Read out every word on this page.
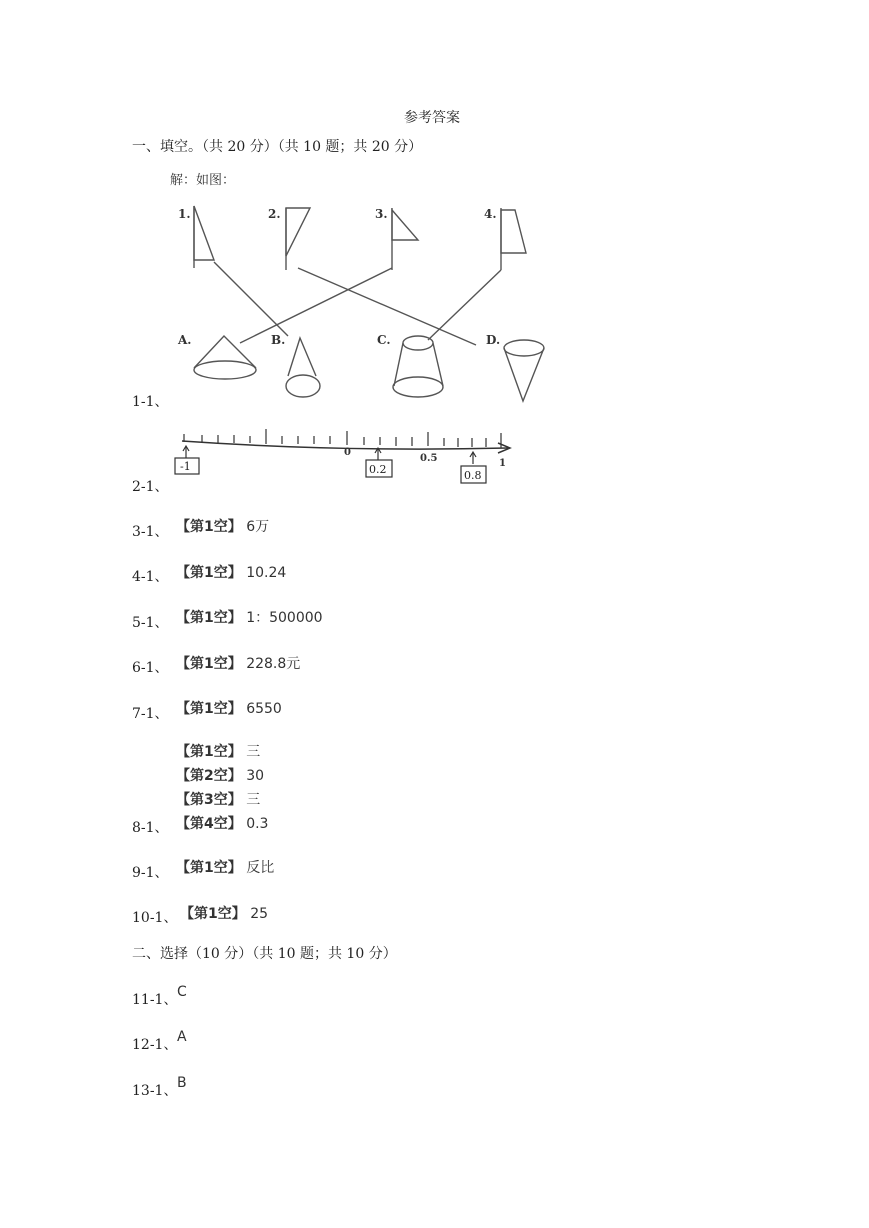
参考答案
一、填空。（共 20 分）（共 10 题；共 20 分）
解：如图：
1.	2.	3.	4.
A.	B.	C.	D.
1-1、
0
0.5	1
-1	0.2	0.8
2-1、
3-1、 【第1空】 6万
4-1、 【第1空】 10.24
5-1、 【第1空】 1：500000
6-1、 【第1空】 228.8元
7-1、 【第1空】 6550
【第1空】 三
【第2空】 30
【第3空】 三
8-1、 【第4空】 0.3
9-1、 【第1空】 反比
10-1、 【第1空】 25
二、选择（10 分）（共 10 题；共 10 分）
11-1、 C
12-1、 A
13-1、 B
